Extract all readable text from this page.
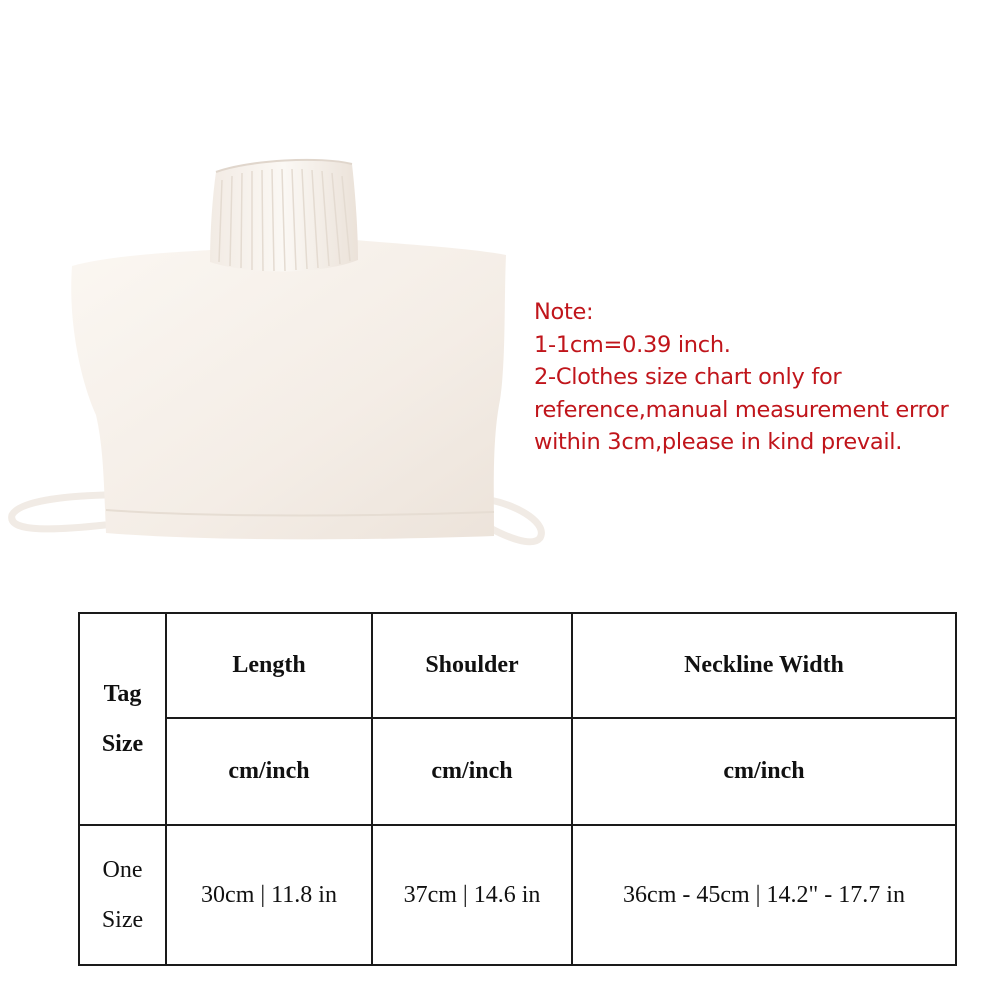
Note:
1-1cm=0.39 inch.
2-Clothes size chart only for
reference,manual measurement error
within 3cm,please in kind prevail.
Tag
Size	Length	Shoulder	Neckline Width
	cm/inch	cm/inch	cm/inch

One
Size	30cm | 11.8 in	37cm | 14.6 in	36cm - 45cm | 14.2" - 17.7 in
